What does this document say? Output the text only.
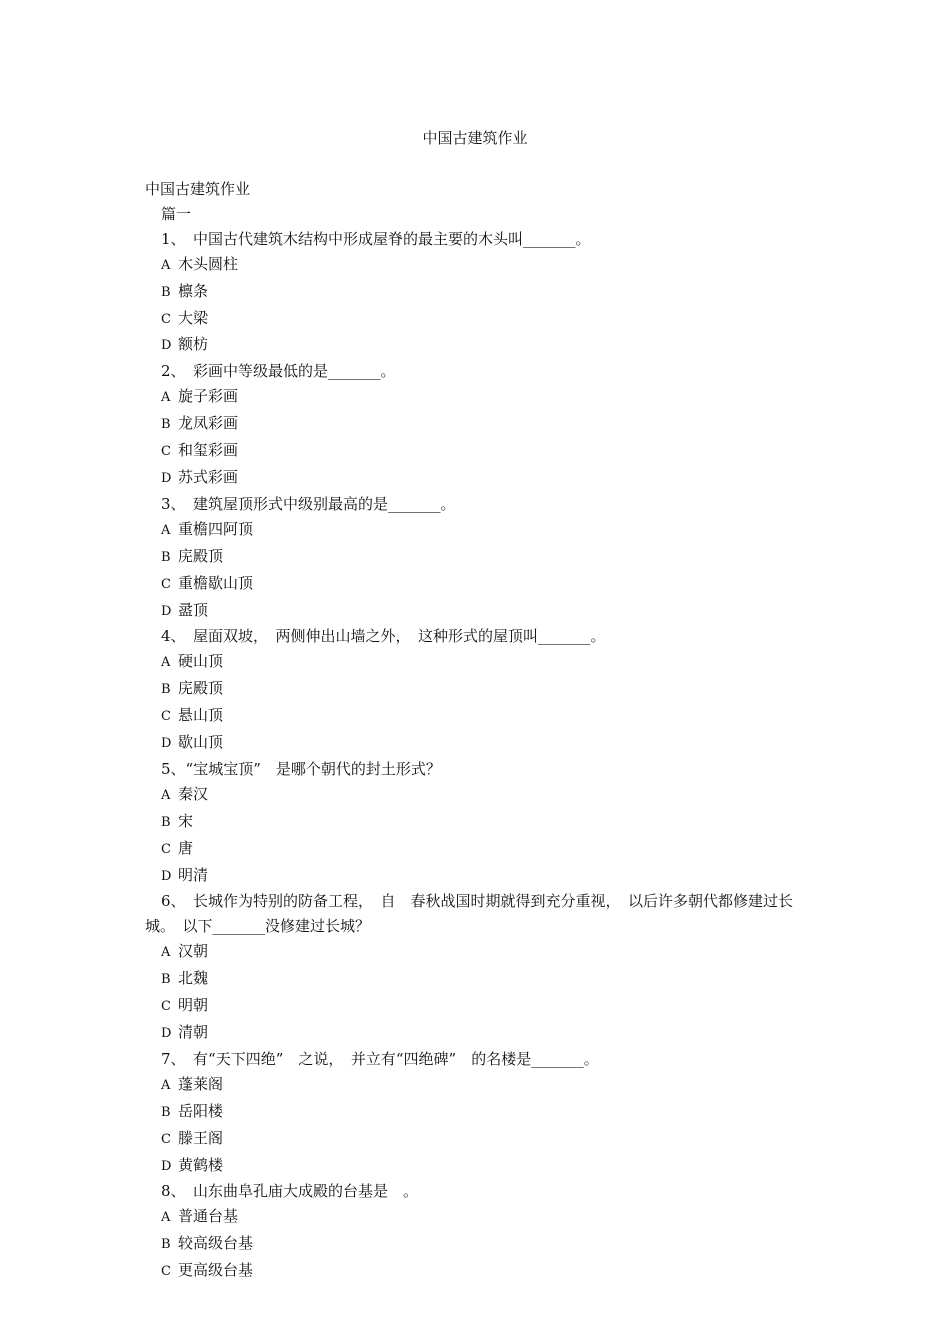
中国古建筑作业
中国古建筑作业
篇一
1、　中国古代建筑木结构中形成屋脊的最主要的木头叫_______。
A 木头圆柱
B 檩条
C 大梁
D 额枋
2、　彩画中等级最低的是_______。
A 旋子彩画
B 龙凤彩画
C 和玺彩画
D 苏式彩画
3、　建筑屋顶形式中级别最高的是_______。
A 重檐四阿顶
B 庑殿顶
C 重檐歇山顶
D 盝顶
4、　屋面双坡，　两侧伸出山墙之外，　这种形式的屋顶叫_______。
A 硬山顶
B 庑殿顶
C 悬山顶
D 歇山顶
5、“宝城宝顶”　是哪个朝代的封土形式？
A 秦汉
B 宋
C 唐
D 明清
6、　长城作为特别的防备工程，　自　春秋战国时期就得到充分重视，　以后许多朝代都修建过长城。　以下_______没修建过长城？
A 汉朝
B 北魏
C 明朝
D 清朝
7、　有“天下四绝”　之说，　并立有“四绝碑”　的名楼是_______。
A 蓬莱阁
B 岳阳楼
C 滕王阁
D 黄鹤楼
8、　山东曲阜孔庙大成殿的台基是　。
A 普通台基
B 较高级台基
C 更高级台基
